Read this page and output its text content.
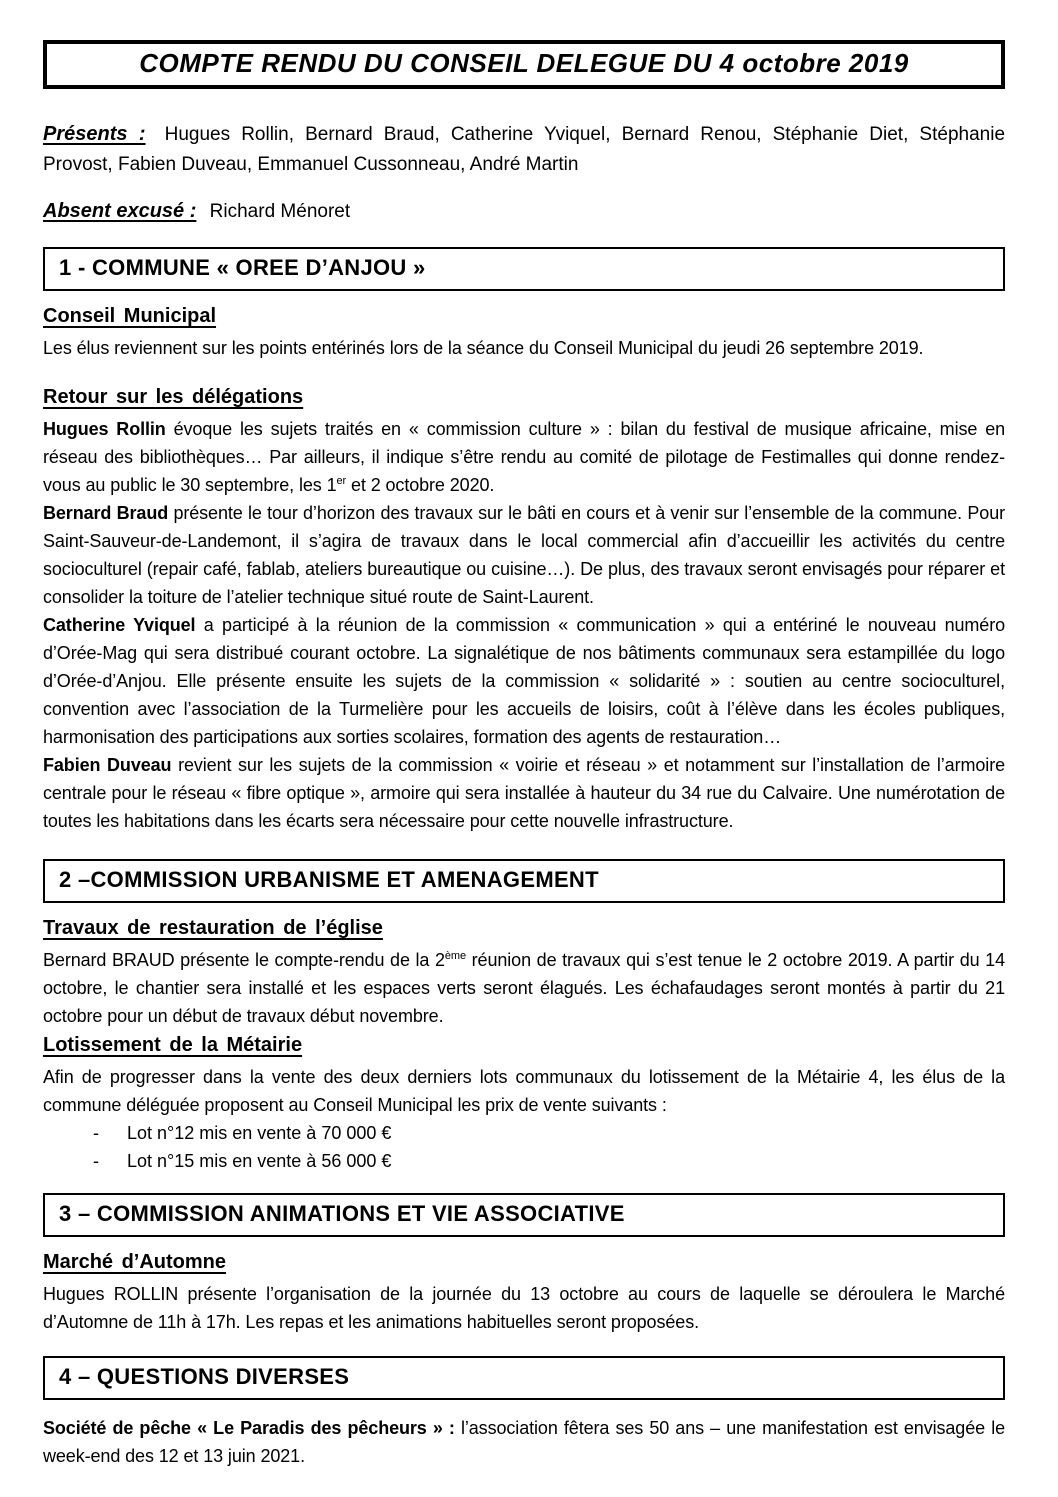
COMPTE RENDU DU CONSEIL DELEGUE DU 4 octobre 2019

Présents : Hugues Rollin, Bernard Braud, Catherine Yviquel, Bernard Renou, Stéphanie Diet, Stéphanie Provost, Fabien Duveau, Emmanuel Cussonneau, André Martin

Absent excusé : Richard Ménoret

1 - COMMUNE « OREE D’ANJOU »
Conseil Municipal

Les élus reviennent sur les points entérinés lors de la séance du Conseil Municipal du jeudi 26 septembre 2019.

Retour sur les délégations

Hugues Rollin évoque les sujets traités en « commission culture » : bilan du festival de musique africaine, mise en réseau des bibliothèques… Par ailleurs, il indique s’être rendu au comité de pilotage de Festimalles qui donne rendez-vous au public le 30 septembre, les 1er et 2 octobre 2020.

Bernard Braud présente le tour d’horizon des travaux sur le bâti en cours et à venir sur l’ensemble de la commune. Pour Saint-Sauveur-de-Landemont, il s’agira de travaux dans le local commercial afin d’accueillir les activités du centre socioculturel (repair café, fablab, ateliers bureautique ou cuisine…). De plus, des travaux seront envisagés pour réparer et consolider la toiture de l’atelier technique situé route de Saint-Laurent.

Catherine Yviquel a participé à la réunion de la commission « communication » qui a entériné le nouveau numéro d’Orée-Mag qui sera distribué courant octobre. La signalétique de nos bâtiments communaux sera estampillée du logo d’Orée-d’Anjou. Elle présente ensuite les sujets de la commission « solidarité » : soutien au centre socioculturel, convention avec l’association de la Turmelière pour les accueils de loisirs, coût à l’élève dans les écoles publiques, harmonisation des participations aux sorties scolaires, formation des agents de restauration…

Fabien Duveau revient sur les sujets de la commission « voirie et réseau » et notamment sur l’installation de l’armoire centrale pour le réseau « fibre optique », armoire qui sera installée à hauteur du 34 rue du Calvaire. Une numérotation de toutes les habitations dans les écarts sera nécessaire pour cette nouvelle infrastructure.

2 –COMMISSION URBANISME ET AMENAGEMENT
Travaux de restauration de l’église

Bernard BRAUD présente le compte-rendu de la 2ème réunion de travaux qui s’est tenue le 2 octobre 2019. A partir du 14 octobre, le chantier sera installé et les espaces verts seront élagués. Les échafaudages seront montés à partir du 21 octobre pour un début de travaux début novembre.

Lotissement de la Métairie

Afin de progresser dans la vente des deux derniers lots communaux du lotissement de la Métairie 4, les élus de la commune déléguée proposent au Conseil Municipal les prix de vente suivants :

- Lot n°12 mis en vente à 70 000 €
- Lot n°15 mis en vente à 56 000 €
3 – COMMISSION ANIMATIONS ET VIE ASSOCIATIVE
Marché d’Automne

Hugues ROLLIN présente l’organisation de la journée du 13 octobre au cours de laquelle se déroulera le Marché d’Automne de 11h à 17h. Les repas et les animations habituelles seront proposées.

4 – QUESTIONS DIVERSES

Société de pêche « Le Paradis des pêcheurs » : l’association fêtera ses 50 ans – une manifestation est envisagée le week-end des 12 et 13 juin 2021.
